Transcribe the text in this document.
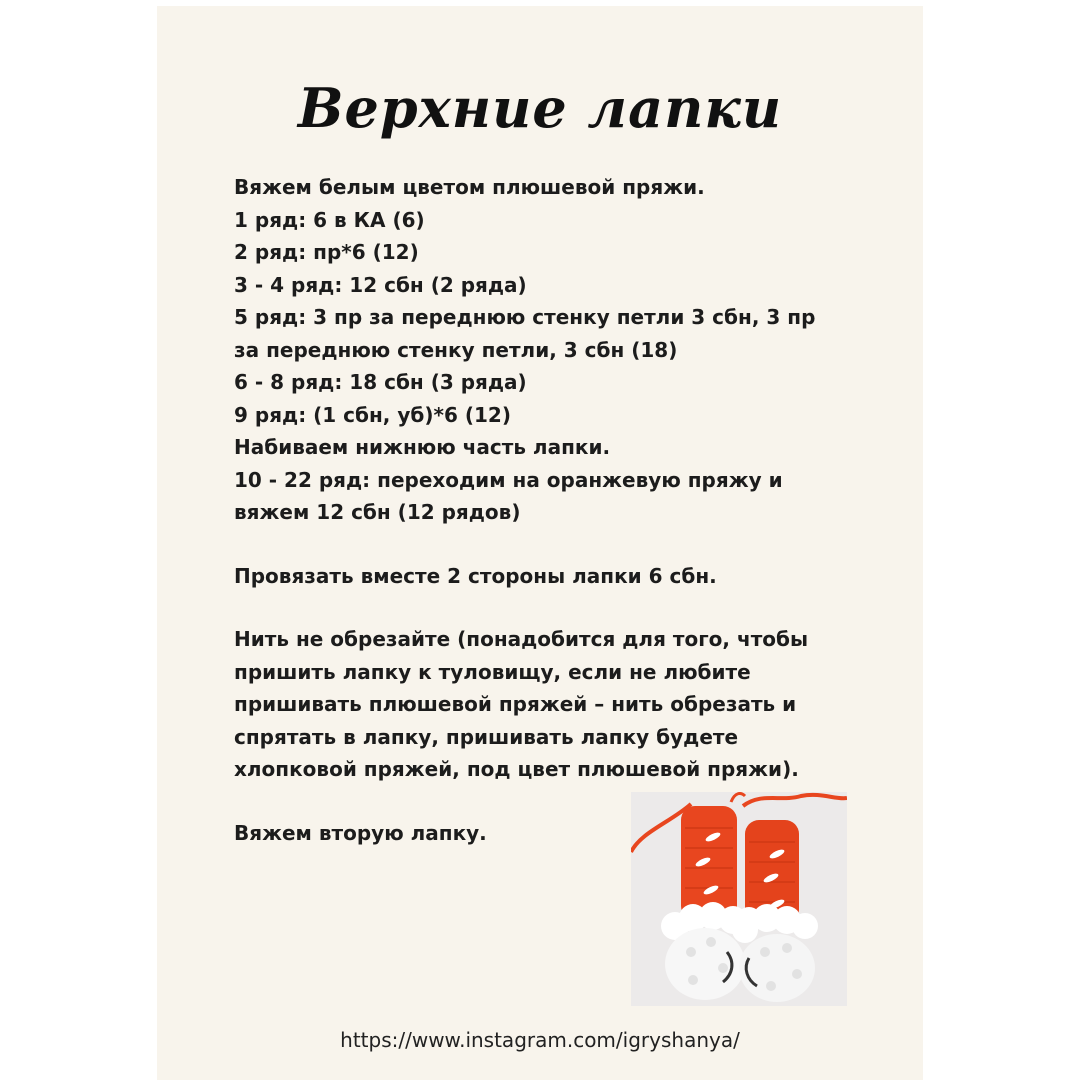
Верхние лапки
Вяжем белым цветом плюшевой пряжи.
1 ряд: 6 в КА (6)
2 ряд: пр*6 (12)
3 - 4 ряд: 12 сбн (2 ряда)
5 ряд: 3 пр за переднюю стенку петли 3 сбн, 3 пр
за переднюю стенку петли, 3 сбн (18)
6 - 8 ряд: 18 сбн (3 ряда)
9 ряд: (1 сбн, уб)*6 (12)
Набиваем нижнюю часть лапки.
10 - 22 ряд: переходим на оранжевую пряжу и
вяжем 12 сбн (12 рядов)
Провязать вместе 2 стороны лапки 6 сбн.
Нить не обрезайте (понадобится для того, чтобы
пришить лапку к туловищу, если не любите
пришивать плюшевой пряжей – нить обрезать и
спрятать в лапку, пришивать лапку будете
хлопковой пряжей, под цвет плюшевой пряжи).
Вяжем вторую лапку.
https://www.instagram.com/igryshanya/
